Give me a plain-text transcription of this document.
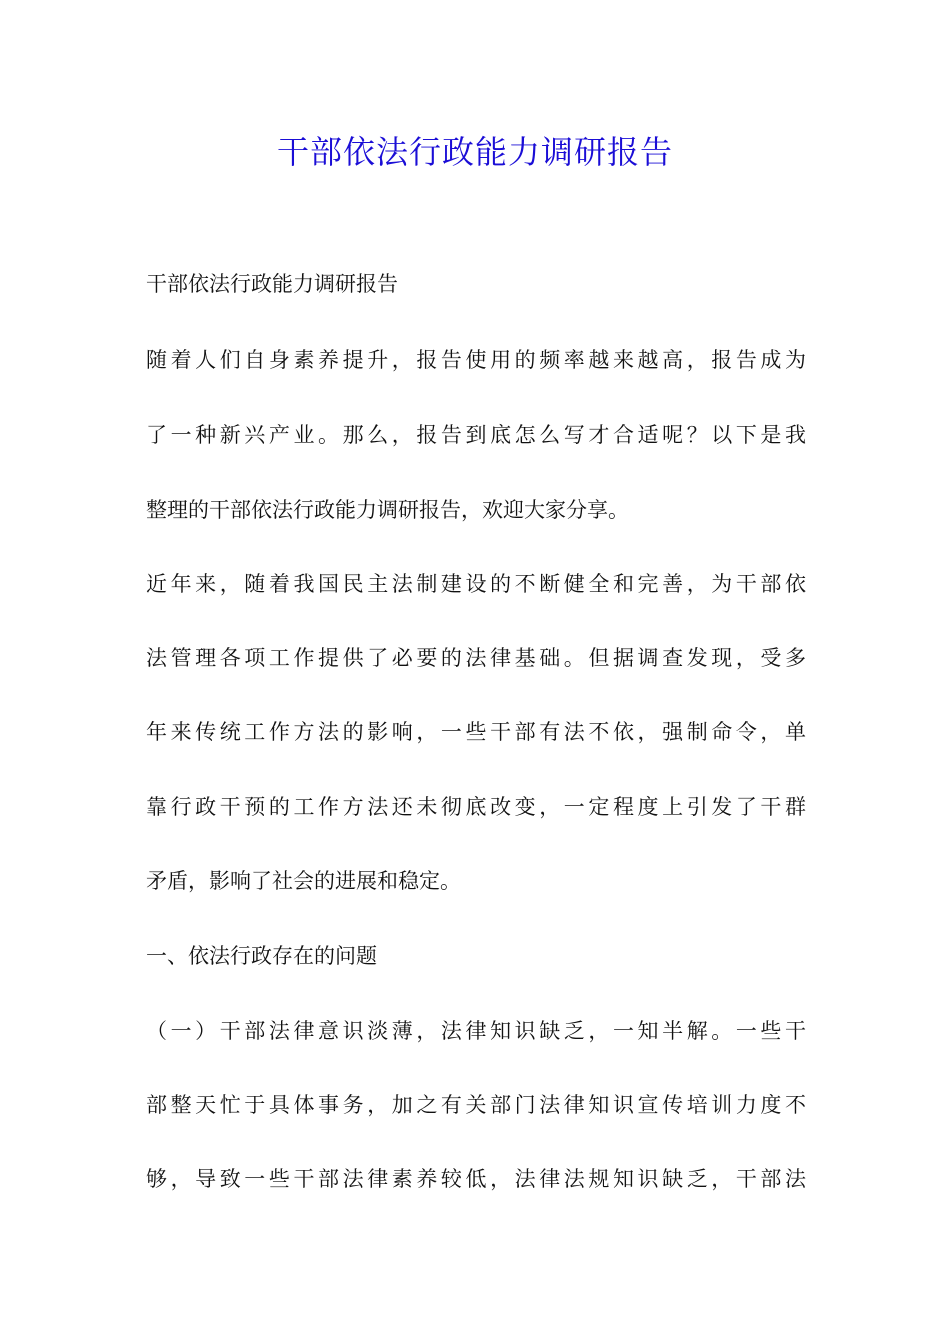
干部依法行政能力调研报告

干部依法行政能力调研报告

随着人们自身素养提升，报告使用的频率越来越高，报告成为

了一种新兴产业。那么，报告到底怎么写才合适呢？以下是我

整理的干部依法行政能力调研报告，欢迎大家分享。

近年来，随着我国民主法制建设的不断健全和完善，为干部依

法管理各项工作提供了必要的法律基础。但据调查发现，受多

年来传统工作方法的影响，一些干部有法不依，强制命令，单

靠行政干预的工作方法还未彻底改变，一定程度上引发了干群

矛盾，影响了社会的进展和稳定。

一、依法行政存在的问题

（一）干部法律意识淡薄，法律知识缺乏，一知半解。一些干

部整天忙于具体事务，加之有关部门法律知识宣传培训力度不

够，导致一些干部法律素养较低，法律法规知识缺乏，干部法
